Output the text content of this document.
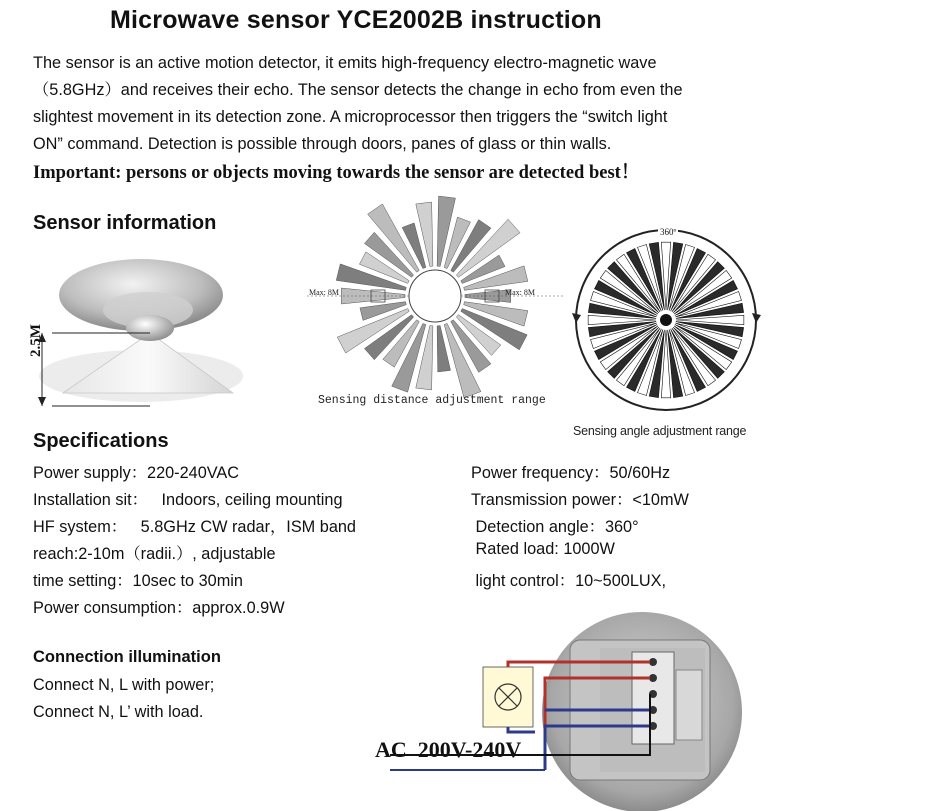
Microwave sensor YCE2002B instruction

The sensor is an active motion detector, it emits high-frequency electro-magnetic wave

（5.8GHz）and receives their echo. The sensor detects the change in echo from even the

slightest movement in its detection zone. A microprocessor then triggers the “switch light

ON” command. Detection is possible through doors, panes of glass or thin walls.

Important: persons or objects moving towards the sensor are detected best！
Sensor information
2.5M
Max: 8M	Max: 8M
Sensing distance adjustment range
360º
Sensing angle adjustment range
Specifications
Power supply：220-240VAC
Installation sit：   Indoors, ceiling mounting
HF system：   5.8GHz CW radar，ISM band
reach:2-10m（radii.）, adjustable
time setting：10sec to 30min
Power consumption：approx.0.9W
Power frequency：50/60Hz
Transmission power：<10mW
Detection angle：360°
Rated load: 1000W
light control：10~500LUX,
Connection illumination
Connect N, L with power;
Connect N, L’ with load.
AC  200V-240V
